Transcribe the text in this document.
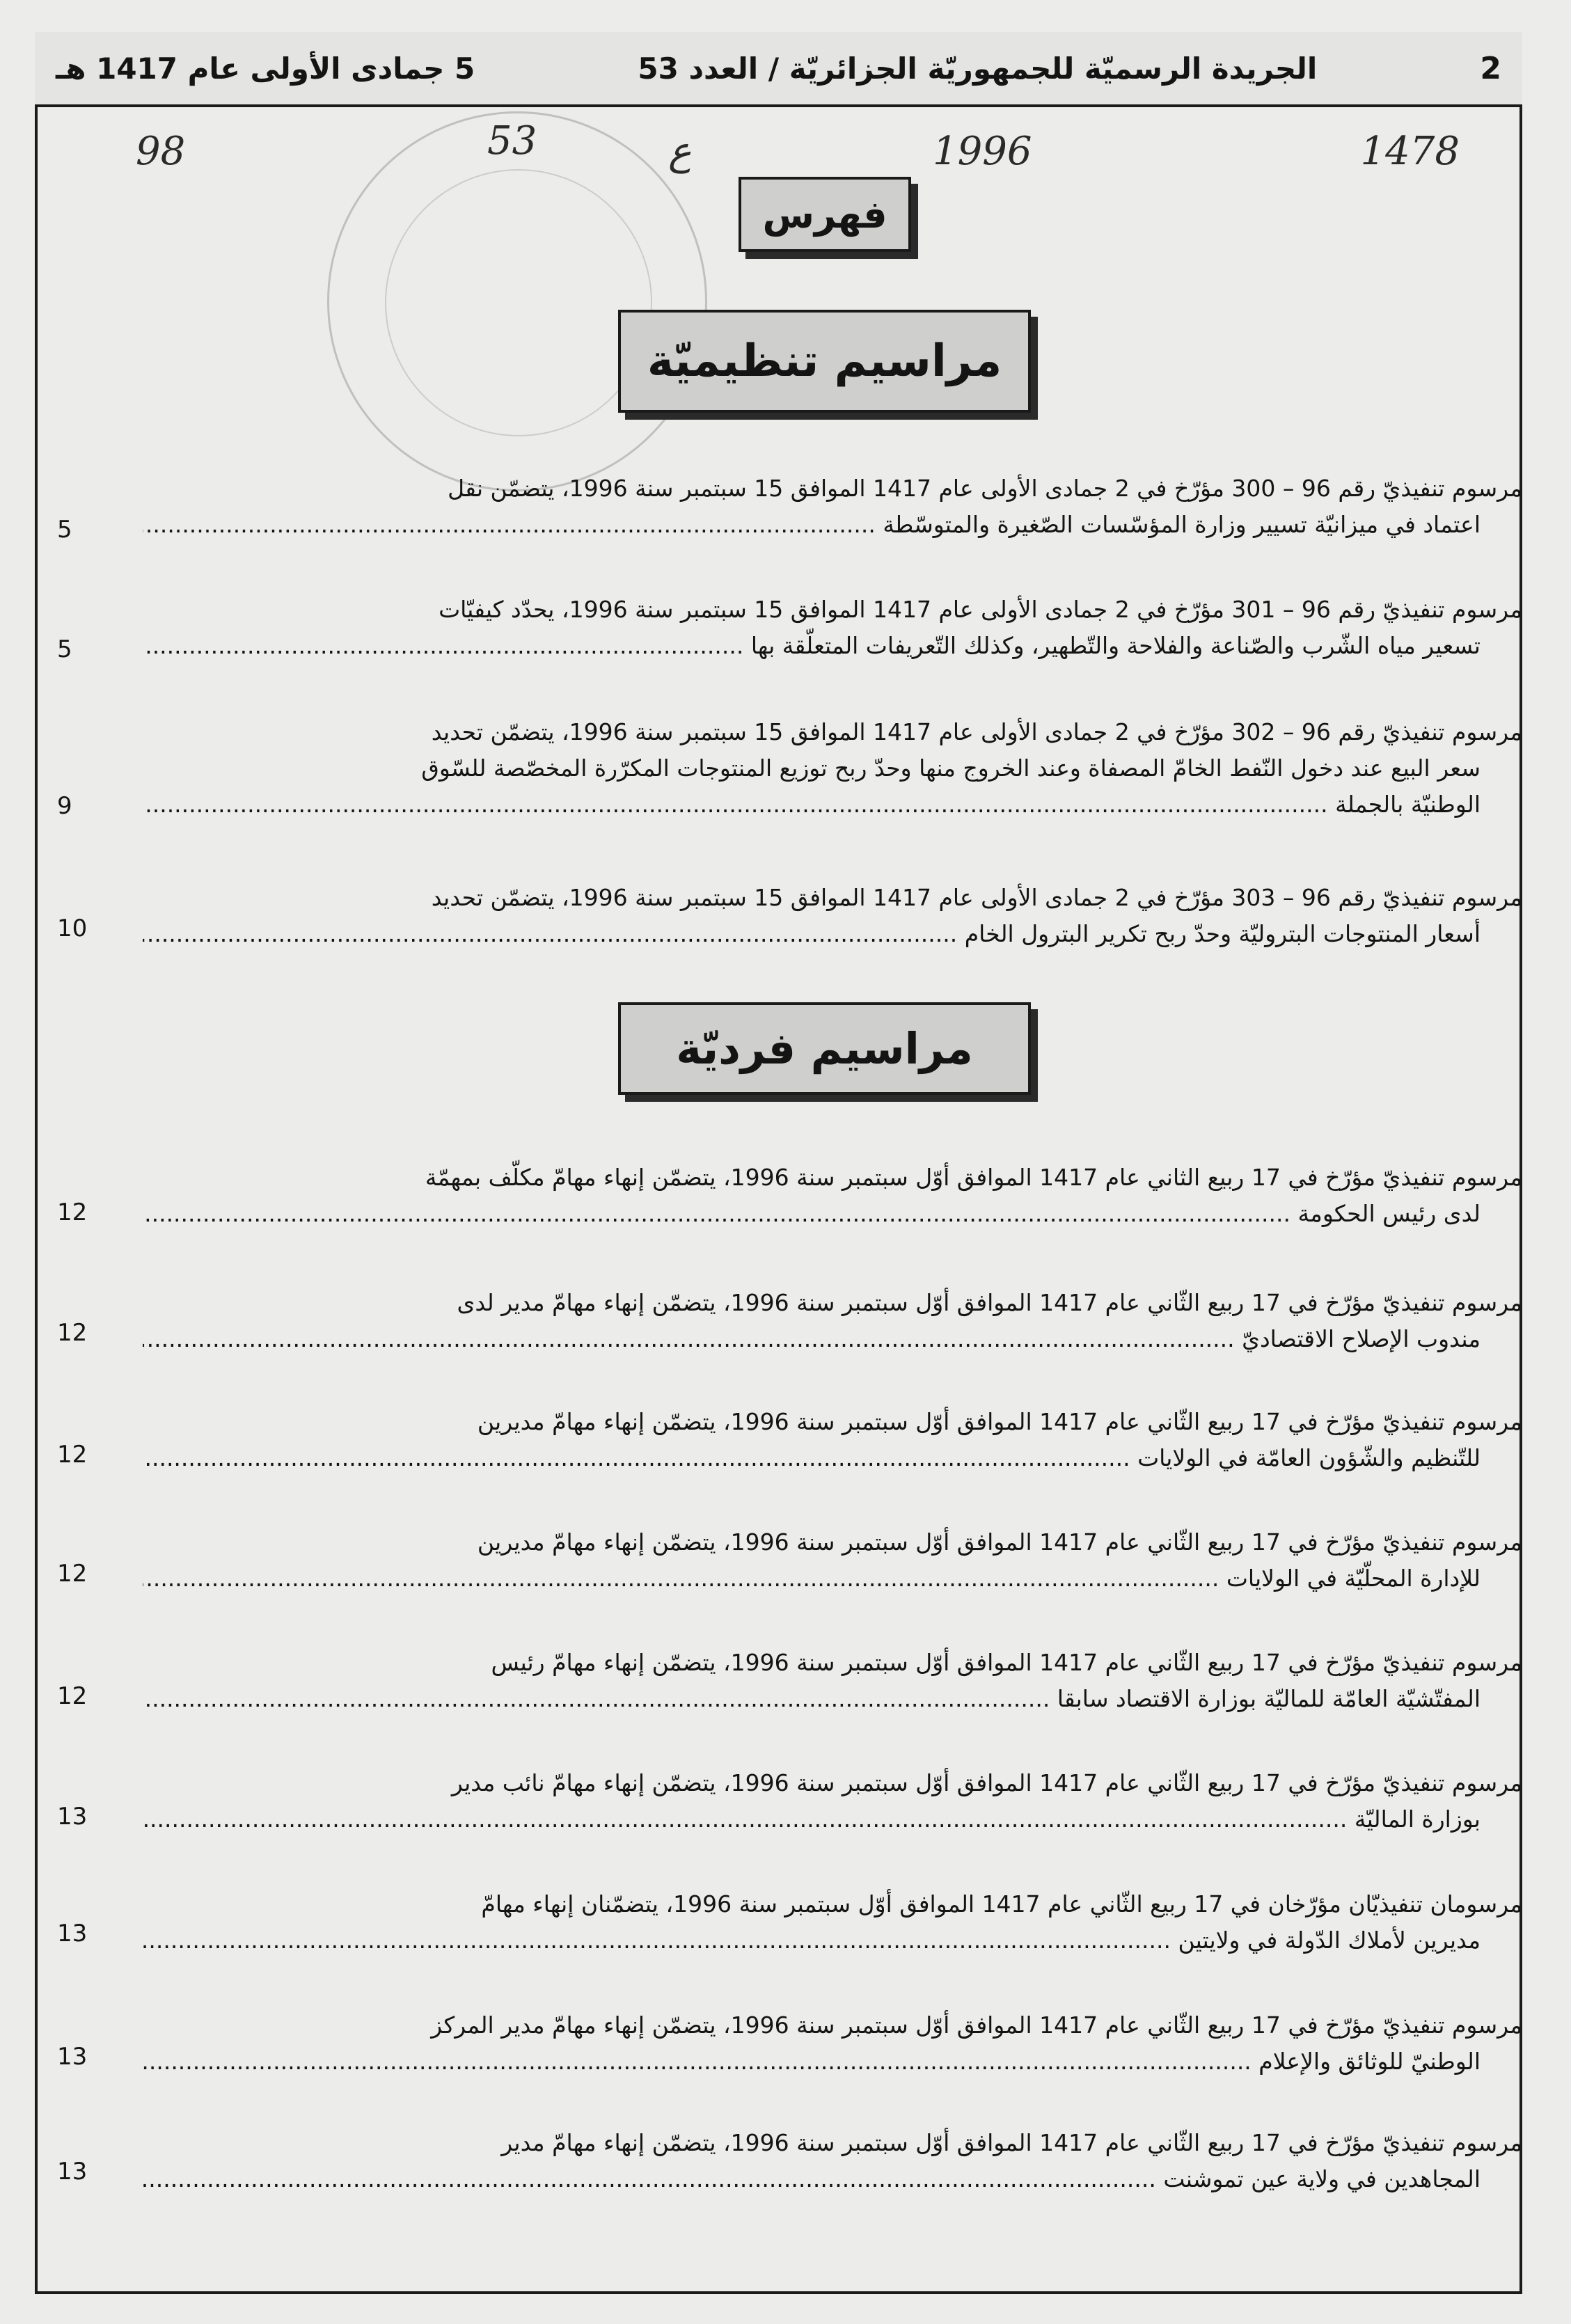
2
الجريدة الرسميّة للجمهوريّة الجزائريّة / العدد 53
5 جمادى الأولى عام 1417 هـ
1478
1996
ع
53
98
فهرس
مراسيم تنظيميّة
مراسيم فرديّة
مرسوم تنفيذيّ رقم 96 – 300 مؤرّخ في 2 جمادى الأولى عام 1417 الموافق 15 سبتمبر سنة 1996، يتضمّن نقل
اعتماد في ميزانيّة تسيير وزارة المؤسّسات الصّغيرة والمتوسّطة .....
5
مرسوم تنفيذيّ رقم 96 – 301 مؤرّخ في 2 جمادى الأولى عام 1417 الموافق 15 سبتمبر سنة 1996، يحدّد كيفيّات
تسعير مياه الشّرب والصّناعة والفلاحة والتّطهير، وكذلك التّعريفات المتعلّقة بها .....
5
مرسوم تنفيذيّ رقم 96 – 302 مؤرّخ في 2 جمادى الأولى عام 1417 الموافق 15 سبتمبر سنة 1996، يتضمّن تحديد
سعر البيع عند دخول النّفط الخامّ المصفاة وعند الخروج منها وحدّ ربح توزيع المنتوجات المكرّرة المخصّصة للسّوق
الوطنيّة بالجملة .....
9
مرسوم تنفيذيّ رقم 96 – 303 مؤرّخ في 2 جمادى الأولى عام 1417 الموافق 15 سبتمبر سنة 1996، يتضمّن تحديد
أسعار المنتوجات البتروليّة وحدّ ربح تكرير البترول الخام .....
10
مرسوم تنفيذيّ مؤرّخ في 17 ربيع الثاني عام 1417 الموافق أوّل سبتمبر سنة 1996، يتضمّن إنهاء مهامّ مكلّف بمهمّة
لدى رئيس الحكومة .....
12
مرسوم تنفيذيّ مؤرّخ في 17 ربيع الثّاني عام 1417 الموافق أوّل سبتمبر سنة 1996، يتضمّن إنهاء مهامّ مدير لدى
مندوب الإصلاح الاقتصاديّ .....
12
مرسوم تنفيذيّ مؤرّخ في 17 ربيع الثّاني عام 1417 الموافق أوّل سبتمبر سنة 1996، يتضمّن إنهاء مهامّ مديرين
للتّنظيم والشّؤون العامّة في الولايات .....
12
مرسوم تنفيذيّ مؤرّخ في 17 ربيع الثّاني عام 1417 الموافق أوّل سبتمبر سنة 1996، يتضمّن إنهاء مهامّ مديرين
للإدارة المحلّيّة في الولايات .....
12
مرسوم تنفيذيّ مؤرّخ في 17 ربيع الثّاني عام 1417 الموافق أوّل سبتمبر سنة 1996، يتضمّن إنهاء مهامّ رئيس
المفتّشيّة العامّة للماليّة بوزارة الاقتصاد سابقا .....
12
مرسوم تنفيذيّ مؤرّخ في 17 ربيع الثّاني عام 1417 الموافق أوّل سبتمبر سنة 1996، يتضمّن إنهاء مهامّ نائب مدير
بوزارة الماليّة .....
13
مرسومان تنفيذيّان مؤرّخان في 17 ربيع الثّاني عام 1417 الموافق أوّل سبتمبر سنة 1996، يتضمّنان إنهاء مهامّ
مديرين لأملاك الدّولة في ولايتين .....
13
مرسوم تنفيذيّ مؤرّخ في 17 ربيع الثّاني عام 1417 الموافق أوّل سبتمبر سنة 1996، يتضمّن إنهاء مهامّ مدير المركز
الوطنيّ للوثائق والإعلام .....
13
مرسوم تنفيذيّ مؤرّخ في 17 ربيع الثّاني عام 1417 الموافق أوّل سبتمبر سنة 1996، يتضمّن إنهاء مهامّ مدير
المجاهدين في ولاية عين تموشنت .....
13
